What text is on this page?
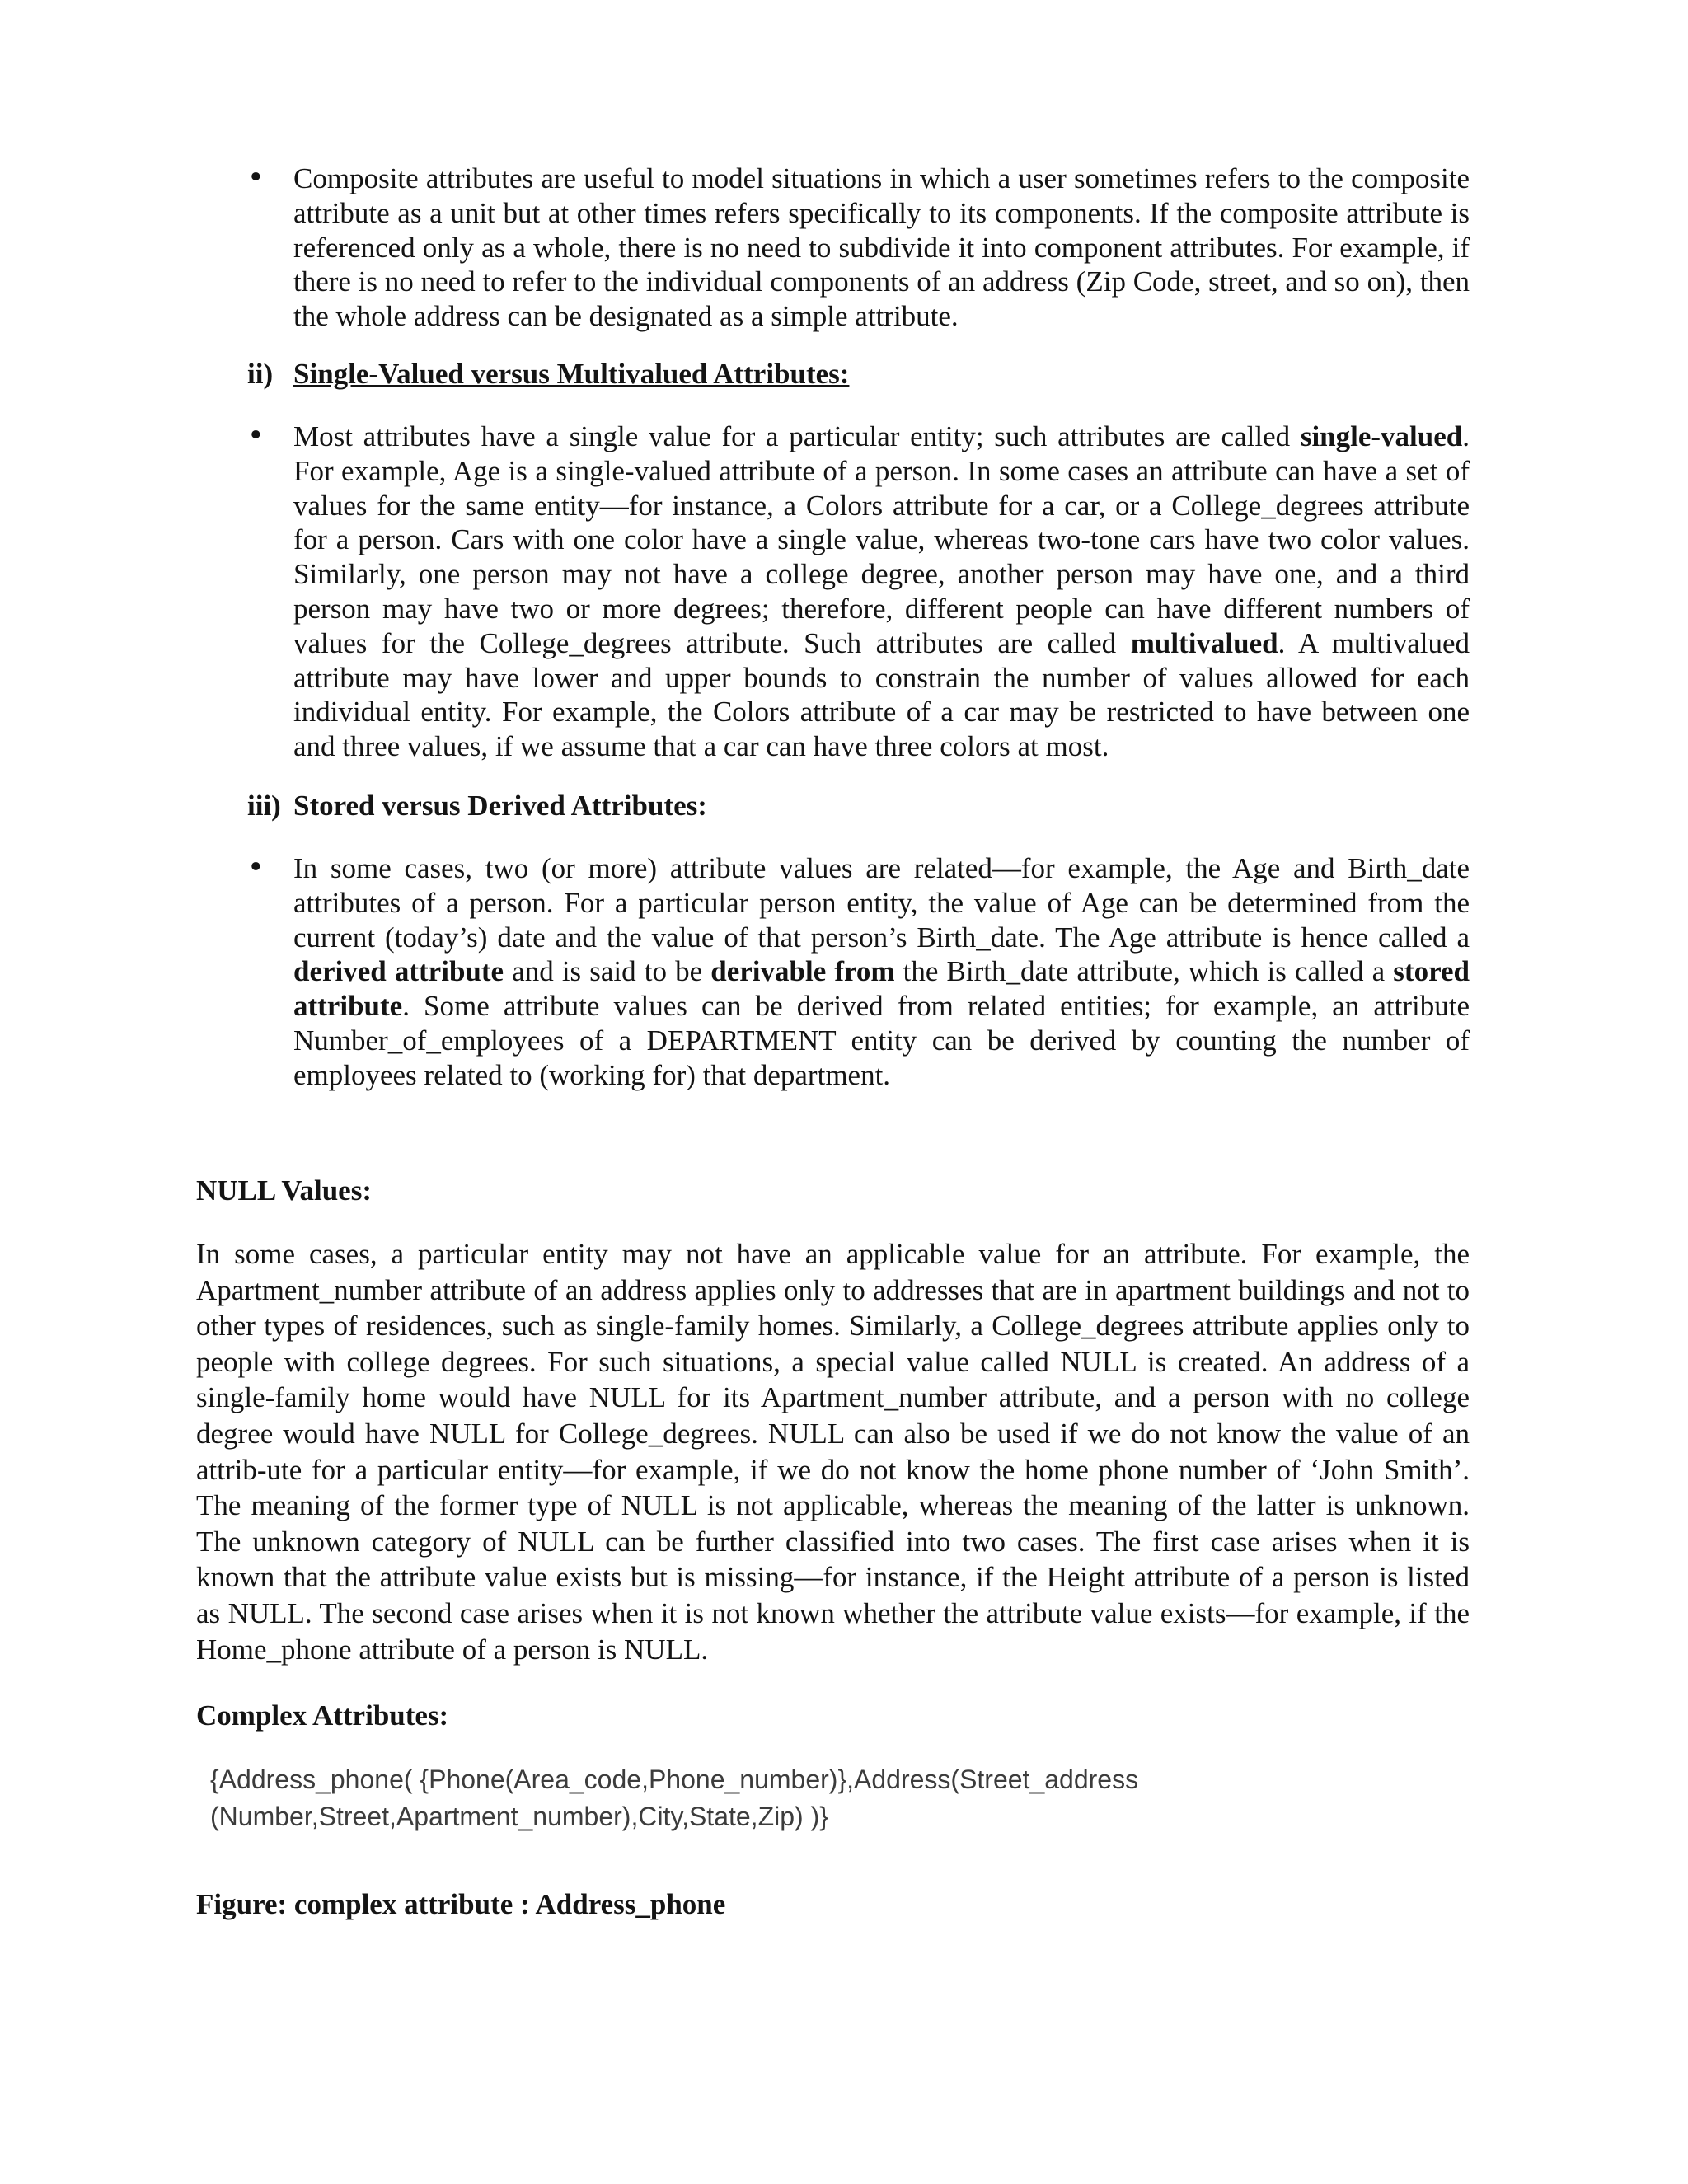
• Composite attributes are useful to model situations in which a user sometimes refers to the composite attribute as a unit but at other times refers specifically to its components. If the composite attribute is referenced only as a whole, there is no need to subdivide it into component attributes. For example, if there is no need to refer to the individual components of an address (Zip Code, street, and so on), then the whole address can be designated as a simple attribute.
ii) Single-Valued versus Multivalued Attributes:
• Most attributes have a single value for a particular entity; such attributes are called single-valued. For example, Age is a single-valued attribute of a person. In some cases an attribute can have a set of values for the same entity—for instance, a Colors attribute for a car, or a College_degrees attribute for a person. Cars with one color have a single value, whereas two-tone cars have two color values. Similarly, one person may not have a college degree, another person may have one, and a third person may have two or more degrees; therefore, different people can have different numbers of values for the College_degrees attribute. Such attributes are called multivalued. A multivalued attribute may have lower and upper bounds to constrain the number of values allowed for each individual entity. For example, the Colors attribute of a car may be restricted to have between one and three values, if we assume that a car can have three colors at most.
iii) Stored versus Derived Attributes:
• In some cases, two (or more) attribute values are related—for example, the Age and Birth_date attributes of a person. For a particular person entity, the value of Age can be determined from the current (today’s) date and the value of that person’s Birth_date. The Age attribute is hence called a derived attribute and is said to be derivable from the Birth_date attribute, which is called a stored attribute. Some attribute values can be derived from related entities; for example, an attribute Number_of_employees of a DEPARTMENT entity can be derived by counting the number of employees related to (working for) that department.
NULL Values:
In some cases, a particular entity may not have an applicable value for an attribute. For example, the Apartment_number attribute of an address applies only to addresses that are in apartment buildings and not to other types of residences, such as single-family homes. Similarly, a College_degrees attribute applies only to people with college degrees. For such situations, a special value called NULL is created. An address of a single-family home would have NULL for its Apartment_number attribute, and a person with no college degree would have NULL for College_degrees. NULL can also be used if we do not know the value of an attrib-ute for a particular entity—for example, if we do not know the home phone number of ‘John Smith’. The meaning of the former type of NULL is not applicable, whereas the meaning of the latter is unknown. The unknown category of NULL can be further classified into two cases. The first case arises when it is known that the attribute value exists but is missing—for instance, if the Height attribute of a person is listed as NULL. The second case arises when it is not known whether the attribute value exists—for example, if the Home_phone attribute of a person is NULL.
Complex Attributes:
{Address_phone( {Phone(Area_code,Phone_number)},Address(Street_address
(Number,Street,Apartment_number),City,State,Zip) )}
Figure: complex attribute : Address_phone
